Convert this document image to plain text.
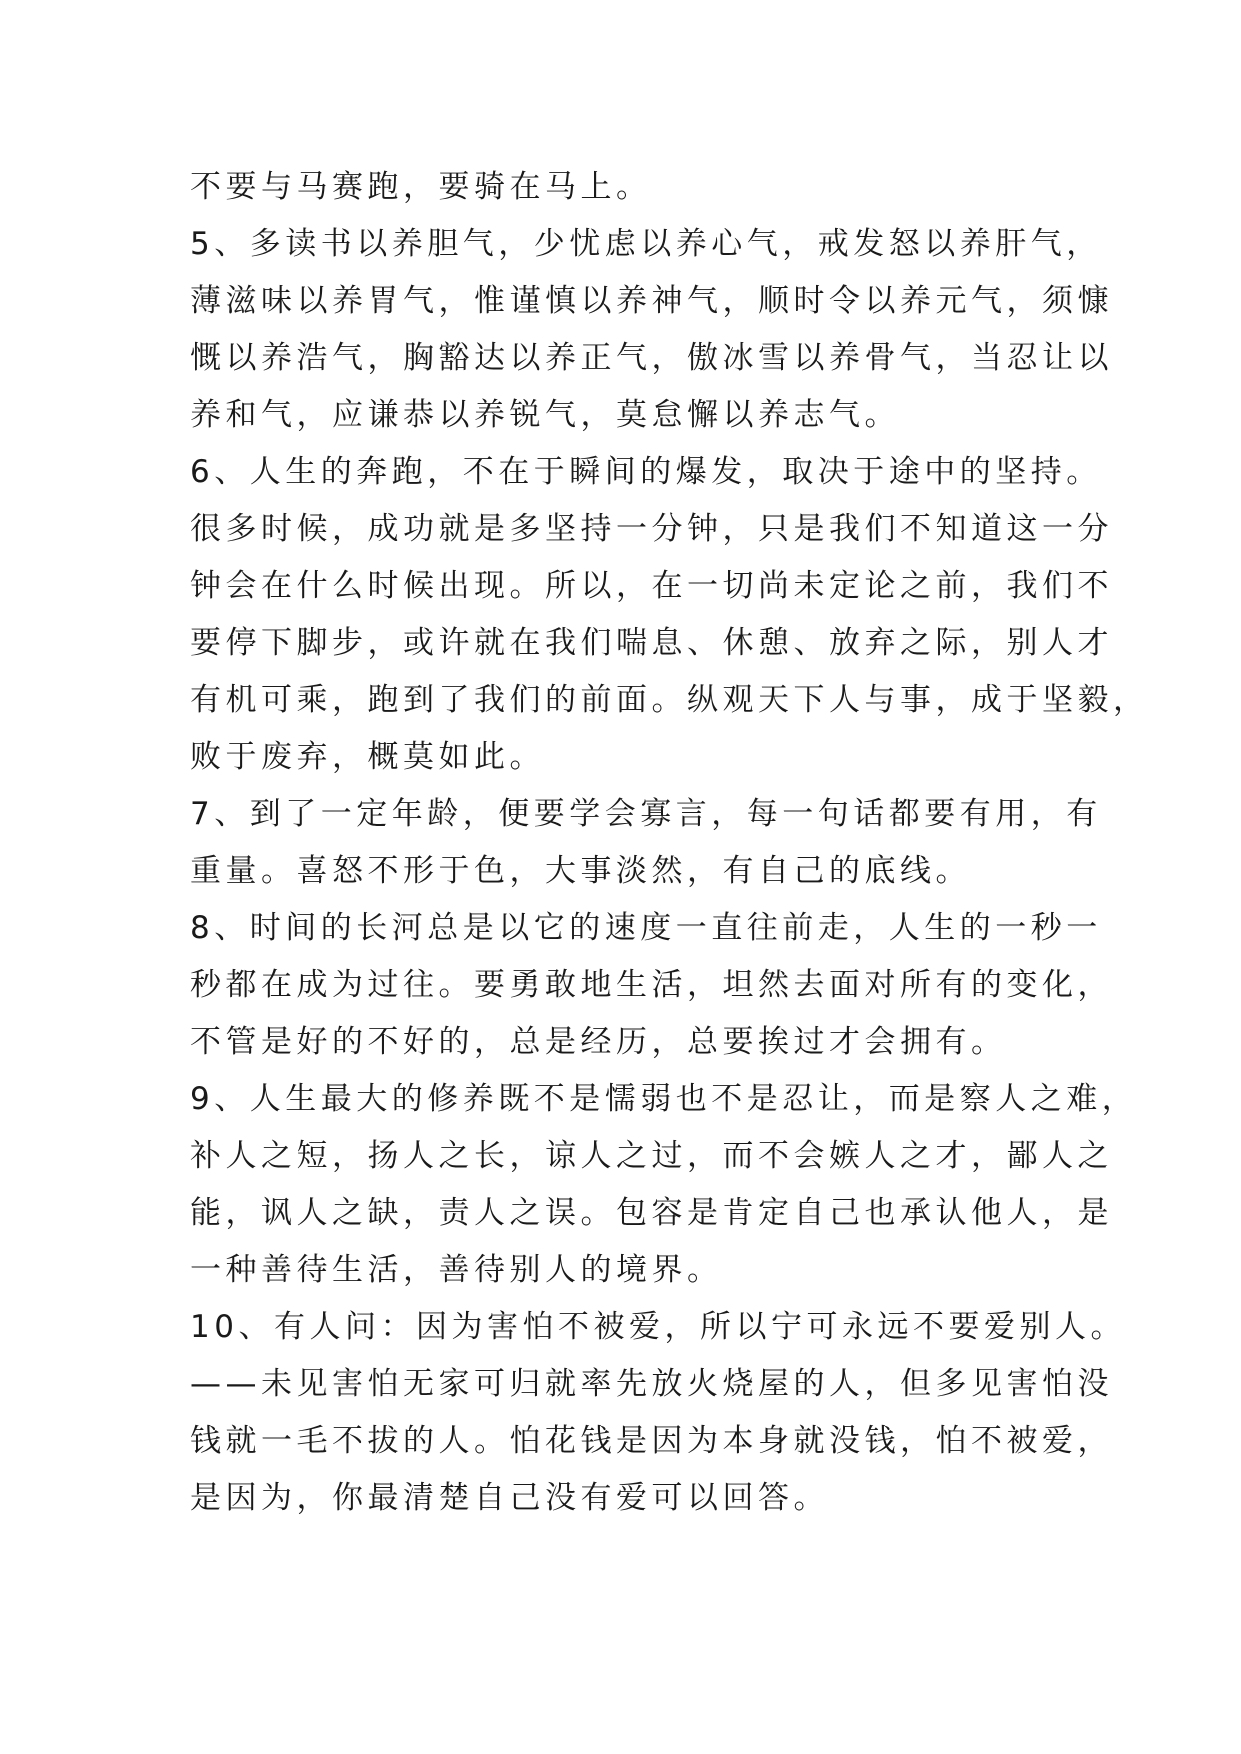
不要与马赛跑，要骑在马上。
5、多读书以养胆气，少忧虑以养心气，戒发怒以养肝气，
薄滋味以养胃气，惟谨慎以养神气，顺时令以养元气，须慷
慨以养浩气，胸豁达以养正气，傲冰雪以养骨气，当忍让以
养和气，应谦恭以养锐气，莫怠懈以养志气。
6、人生的奔跑，不在于瞬间的爆发，取决于途中的坚持。
很多时候，成功就是多坚持一分钟，只是我们不知道这一分
钟会在什么时候出现。所以，在一切尚未定论之前，我们不
要停下脚步，或许就在我们喘息、休憩、放弃之际，别人才
有机可乘，跑到了我们的前面。纵观天下人与事，成于坚毅，
败于废弃，概莫如此。
7、到了一定年龄，便要学会寡言，每一句话都要有用，有
重量。喜怒不形于色，大事淡然，有自己的底线。
8、时间的长河总是以它的速度一直往前走，人生的一秒一
秒都在成为过往。要勇敢地生活，坦然去面对所有的变化，
不管是好的不好的，总是经历，总要挨过才会拥有。
9、人生最大的修养既不是懦弱也不是忍让，而是察人之难，
补人之短，扬人之长，谅人之过，而不会嫉人之才，鄙人之
能，讽人之缺，责人之误。包容是肯定自己也承认他人，是
一种善待生活，善待别人的境界。
10、有人问：因为害怕不被爱，所以宁可永远不要爱别人。
——未见害怕无家可归就率先放火烧屋的人，但多见害怕没
钱就一毛不拔的人。怕花钱是因为本身就没钱，怕不被爱，
是因为，你最清楚自己没有爱可以回答。
